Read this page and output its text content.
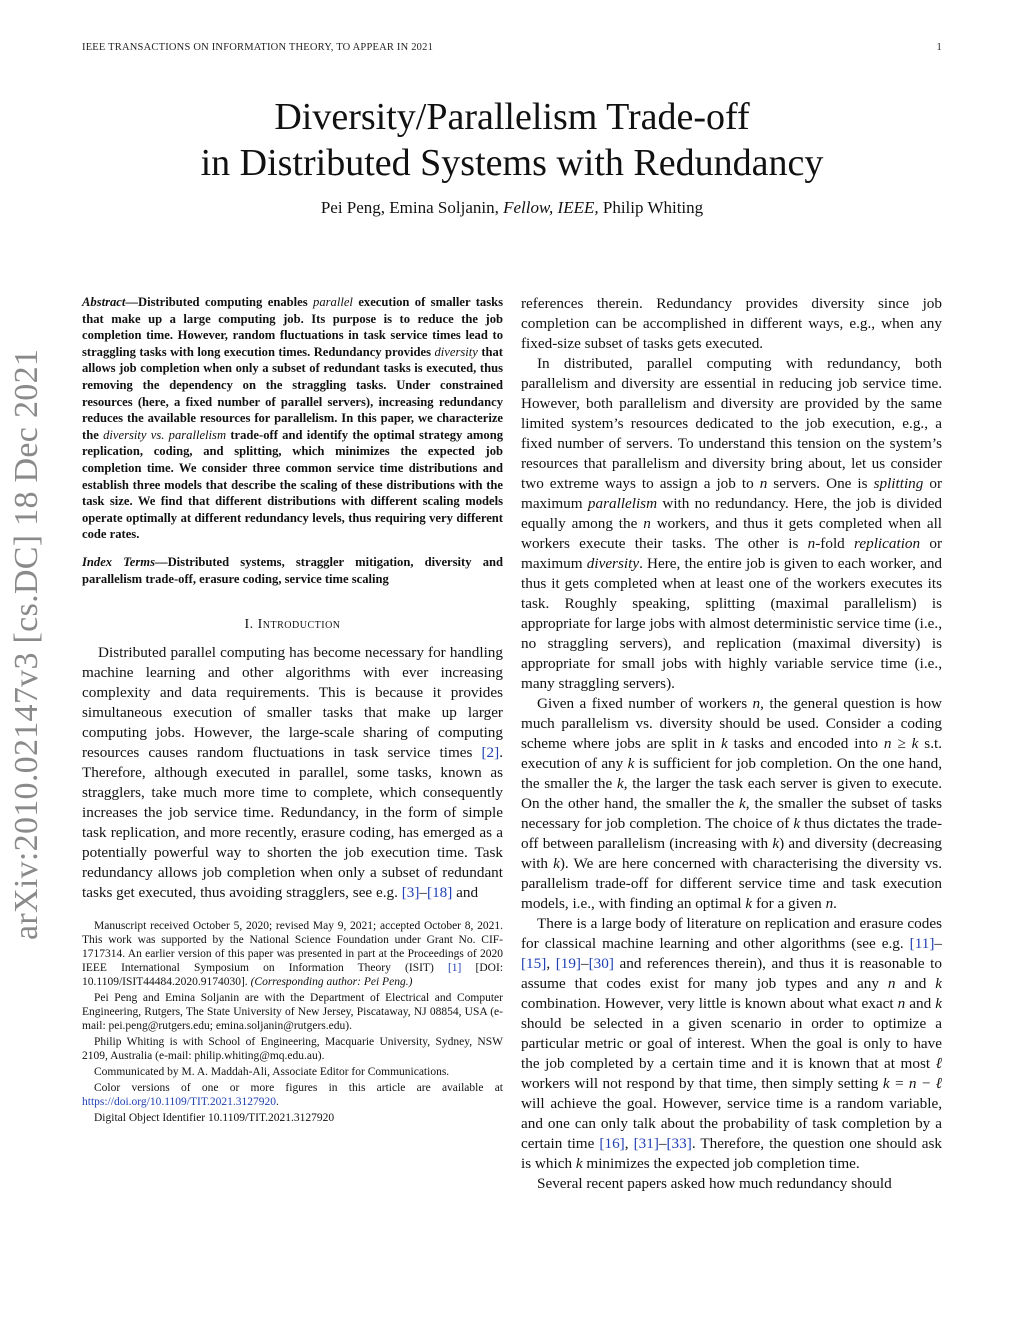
IEEE TRANSACTIONS ON INFORMATION THEORY, TO APPEAR IN 2021	1
arXiv:2010.02147v3 [cs.DC] 18 Dec 2021
Diversity/Parallelism Trade-off
in Distributed Systems with Redundancy
Pei Peng, Emina Soljanin, Fellow, IEEE, Philip Whiting
Abstract—Distributed computing enables parallel execution of smaller tasks that make up a large computing job. Its purpose is to reduce the job completion time. However, random fluctuations in task service times lead to straggling tasks with long execution times. Redundancy provides diversity that allows job completion when only a subset of redundant tasks is executed, thus removing the dependency on the straggling tasks. Under constrained resources (here, a fixed number of parallel servers), increasing redundancy reduces the available resources for parallelism. In this paper, we characterize the diversity vs. parallelism trade-off and identify the optimal strategy among replication, coding, and splitting, which minimizes the expected job completion time. We consider three common service time distributions and establish three models that describe the scaling of these distributions with the task size. We find that different distributions with different scaling models operate optimally at different redundancy levels, thus requiring very different code rates.
Index Terms—Distributed systems, straggler mitigation, diversity and parallelism trade-off, erasure coding, service time scaling
I. Introduction

Distributed parallel computing has become necessary for handling machine learning and other algorithms with ever increasing complexity and data requirements. This is because it provides simultaneous execution of smaller tasks that make up larger computing jobs. However, the large-scale sharing of computing resources causes random fluctuations in task service times [2]. Therefore, although executed in parallel, some tasks, known as stragglers, take much more time to complete, which consequently increases the job service time. Redundancy, in the form of simple task replication, and more recently, erasure coding, has emerged as a potentially powerful way to shorten the job execution time. Task redundancy allows job completion when only a subset of redundant tasks get executed, thus avoiding stragglers, see e.g. [3]–[18] and

Manuscript received October 5, 2020; revised May 9, 2021; accepted October 8, 2021. This work was supported by the National Science Foundation under Grant No. CIF-1717314. An earlier version of this paper was presented in part at the Proceedings of 2020 IEEE International Symposium on Information Theory (ISIT) [1] [DOI: 10.1109/ISIT44484.2020.9174030]. (Corresponding author: Pei Peng.)

Pei Peng and Emina Soljanin are with the Department of Electrical and Computer Engineering, Rutgers, The State University of New Jersey, Piscataway, NJ 08854, USA (e-mail: pei.peng@rutgers.edu; emina.soljanin@rutgers.edu).

Philip Whiting is with School of Engineering, Macquarie University, Sydney, NSW 2109, Australia (e-mail: philip.whiting@mq.edu.au).

Communicated by M. A. Maddah-Ali, Associate Editor for Communications.

Color versions of one or more figures in this article are available at https://doi.org/10.1109/TIT.2021.3127920.

Digital Object Identifier 10.1109/TIT.2021.3127920

references therein. Redundancy provides diversity since job completion can be accomplished in different ways, e.g., when any fixed-size subset of tasks gets executed.

In distributed, parallel computing with redundancy, both parallelism and diversity are essential in reducing job service time. However, both parallelism and diversity are provided by the same limited system’s resources dedicated to the job execution, e.g., a fixed number of servers. To understand this tension on the system’s resources that parallelism and diversity bring about, let us consider two extreme ways to assign a job to n servers. One is splitting or maximum parallelism with no redundancy. Here, the job is divided equally among the n workers, and thus it gets completed when all workers execute their tasks. The other is n-fold replication or maximum diversity. Here, the entire job is given to each worker, and thus it gets completed when at least one of the workers executes its task. Roughly speaking, splitting (maximal parallelism) is appropriate for large jobs with almost deterministic service time (i.e., no straggling servers), and replication (maximal diversity) is appropriate for small jobs with highly variable service time (i.e., many straggling servers).

Given a fixed number of workers n, the general question is how much parallelism vs. diversity should be used. Consider a coding scheme where jobs are split in k tasks and encoded into n ≥ k s.t. execution of any k is sufficient for job completion. On the one hand, the smaller the k, the larger the task each server is given to execute. On the other hand, the smaller the k, the smaller the subset of tasks necessary for job completion. The choice of k thus dictates the trade-off between parallelism (increasing with k) and diversity (decreasing with k). We are here concerned with characterising the diversity vs. parallelism trade-off for different service time and task execution models, i.e., with finding an optimal k for a given n.

There is a large body of literature on replication and erasure codes for classical machine learning and other algorithms (see e.g. [11]–[15], [19]–[30] and references therein), and thus it is reasonable to assume that codes exist for many job types and any n and k combination. However, very little is known about what exact n and k should be selected in a given scenario in order to optimize a particular metric or goal of interest. When the goal is only to have the job completed by a certain time and it is known that at most ℓ workers will not respond by that time, then simply setting k = n − ℓ will achieve the goal. However, service time is a random variable, and one can only talk about the probability of task completion by a certain time [16], [31]–[33]. Therefore, the question one should ask is which k minimizes the expected job completion time.

Several recent papers asked how much redundancy should
